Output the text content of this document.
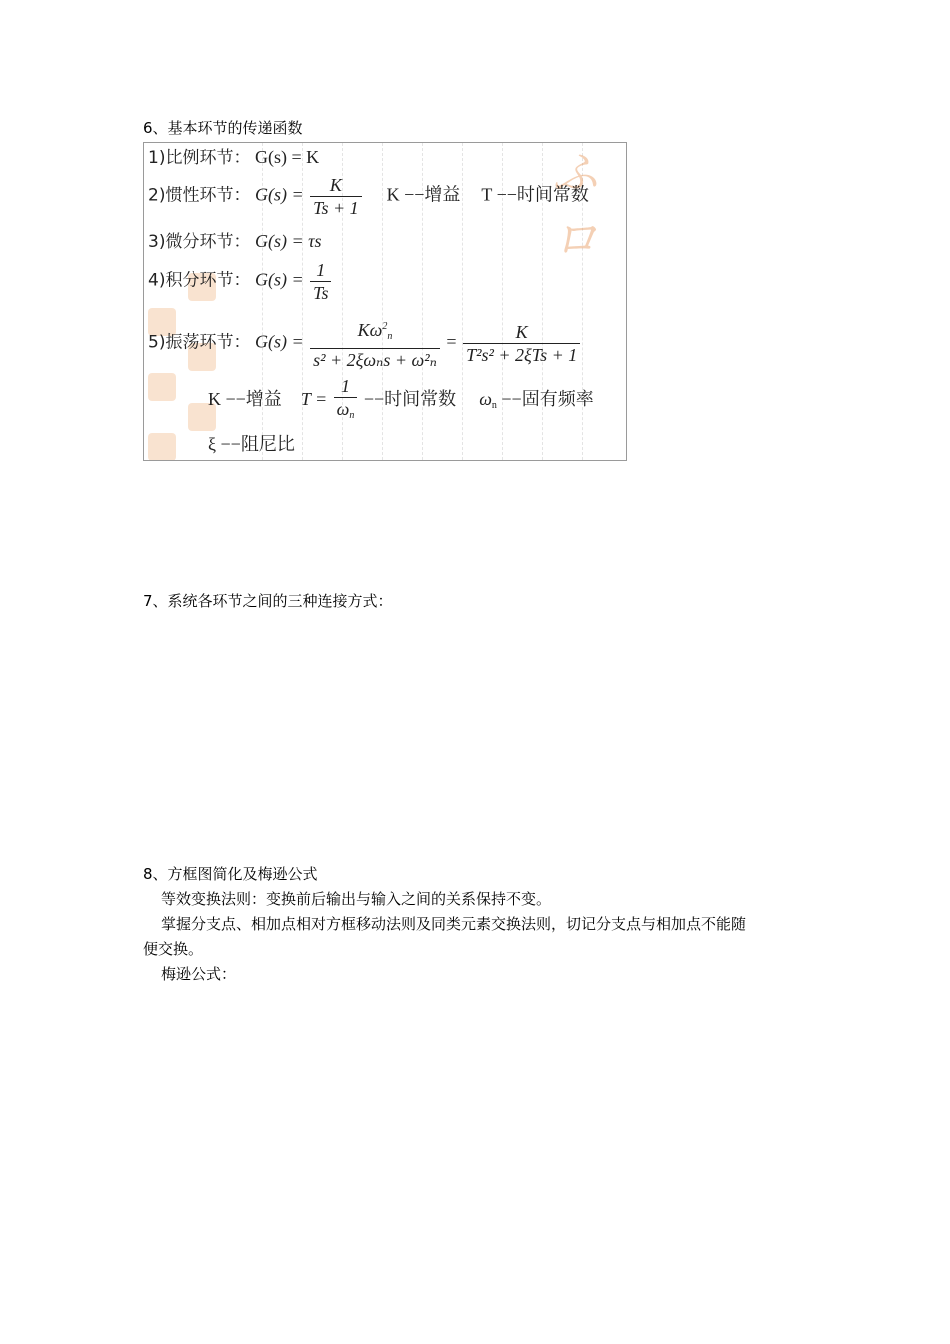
6、基本环节的传递函数
ふロ
1)比例环节： G(s) = K
2)惯性环节： $G(s) = \frac{K}{Ts + 1}$ K −−增益 T −−时间常数
3)微分环节： G(s) = τs
4)积分环节： $G(s) = \frac{1}{Ts}$
5)振荡环节： $G(s) = \frac{K\omega^2_n}{\text{s² + 2ξωₙs + ω²ₙ}} = \frac{K}{\text{T²s² + 2ξTs + 1}}$
K −−增益 $T = \frac{1}{\omega_n}$ −−时间常数 $\omega_n$ −−固有频率
ξ −−阻尼比
7、系统各环节之间的三种连接方式：
8、方框图简化及梅逊公式
等效变换法则：变换前后输出与输入之间的关系保持不变。
掌握分支点、相加点相对方框移动法则及同类元素交换法则，切记分支点与相加点不能随
便交换。
梅逊公式：
